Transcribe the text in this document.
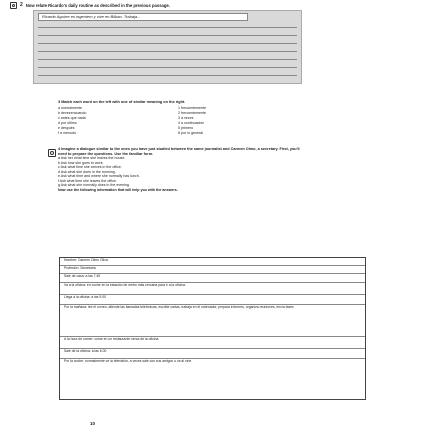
2 Now relate Ricardo's daily routine as described in the previous passage.
Ricardo Aguirre es ingeniero y vive en Bilbao. Trabaja...
3 Match each word on the left with one of similar meaning on the right.
a normalmente
b devezencuando
c antes que nada
d por último
e después
f a menudo
1 frecuentemente
2 frecuentemente
3 a veces
4 a continuación
5 primero
6 por lo general
4 Imagine a dialogue similar to the ones you have just studied between the same journalist and Carmen Olmo, a secretary. First, you'll need to prepare the questions. Use the familiar form.
a Ask her what time she leaves the house.
b Ask how she goes to work.
c Ask what time she arrives in the office.
d Ask what she does in the morning.
e Ask what time and where she normally has lunch.
f Ask what time she leaves the office.
g Ask what she normally does in the evening.
Now use the following information that will help you with the answers.
Nombre: Carmen Olmo Oliva
Profesión: Secretaria
Sale de casa: a las 7.45
Va a la oficina: en coche en la estación de metro más cercana para ir a la oficina.
Llega a la oficina: a las 9.00
Por la mañana: lee el correo, atiende las llamadas telefónicas, escribe cartas, trabaja en el ordenador, prepara informes, organiza reuniones, envía faxes
A la hora de comer: come en un restaurante cerca de la oficina
Sale de la oficina: a las 6.00
Por la noche: normalmente ve la televisión, a veces sale con sus amigos o va al cine
10
